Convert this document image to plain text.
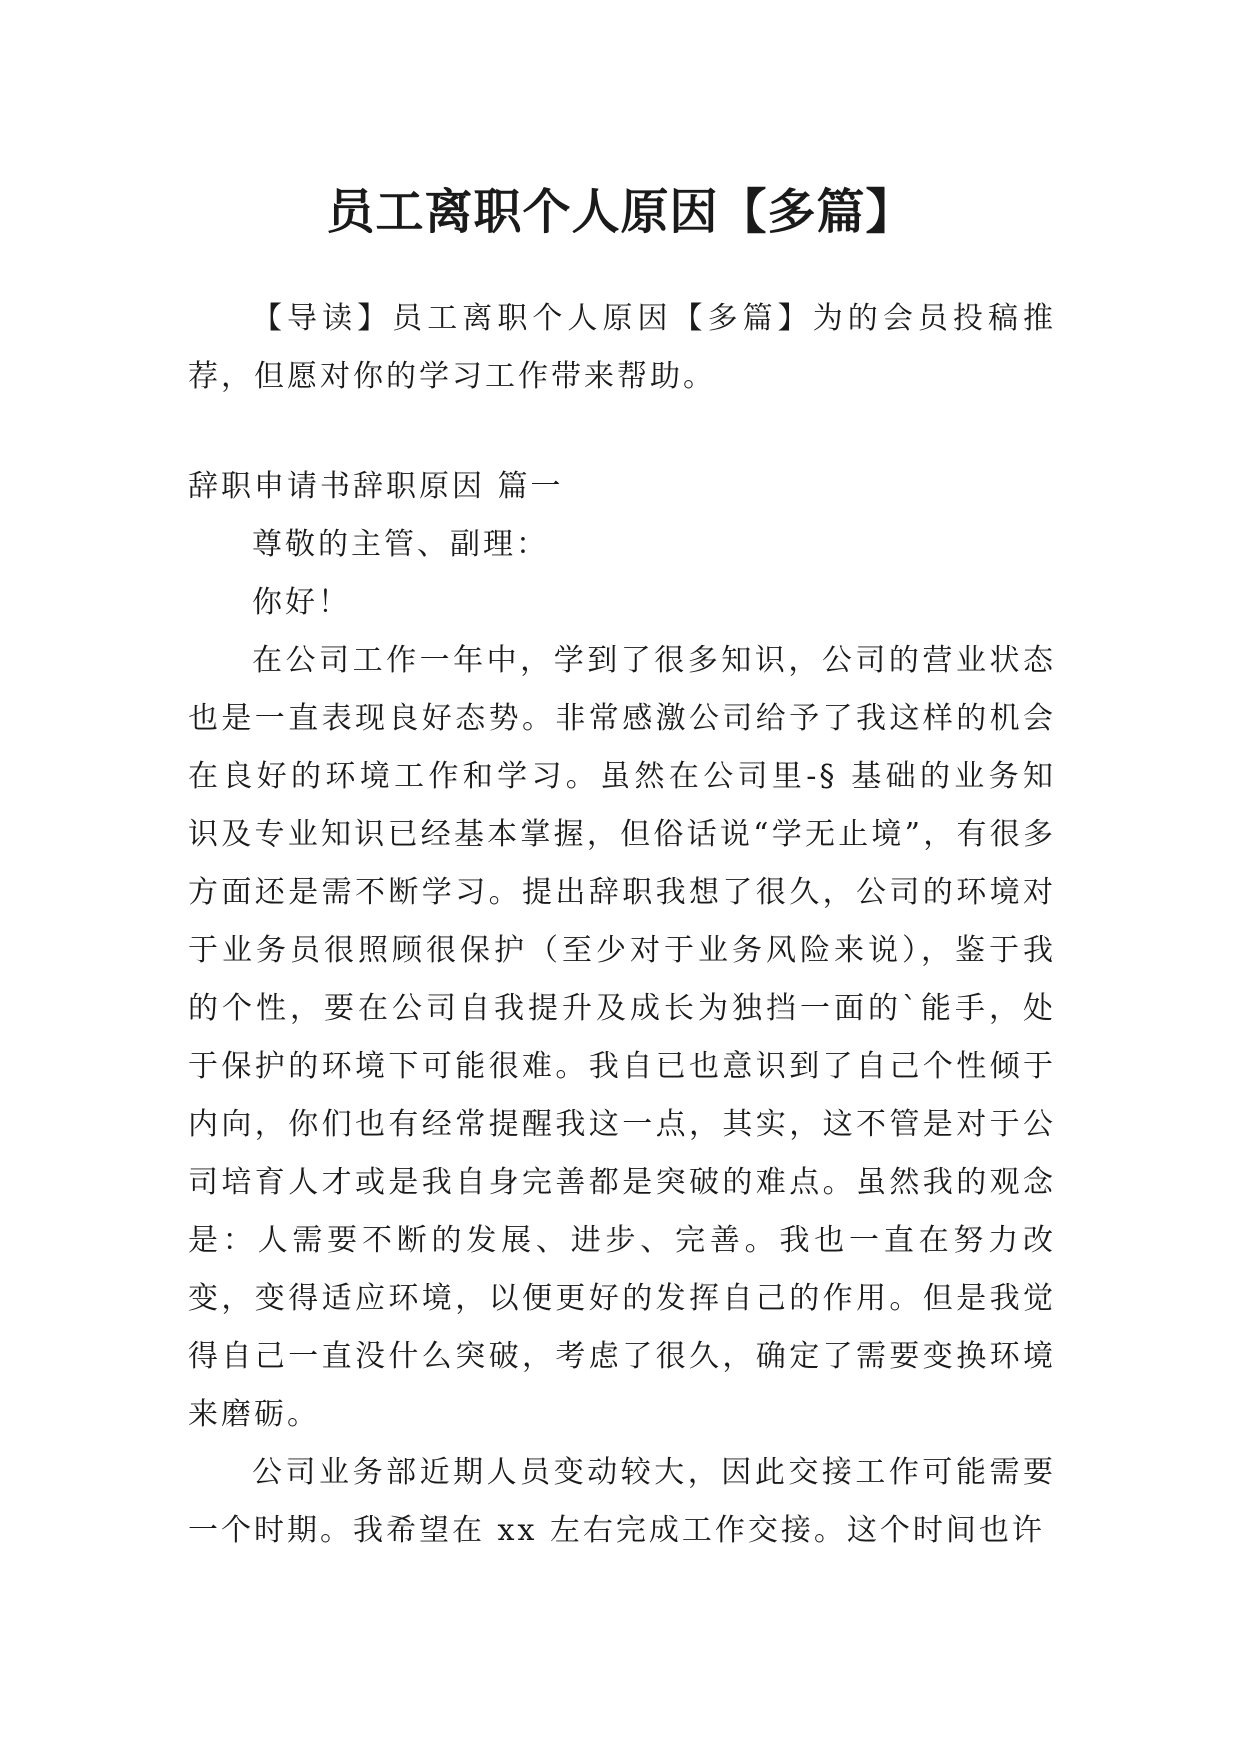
员工离职个人原因【多篇】

【导读】员工离职个人原因【多篇】为的会员投稿推荐，但愿对你的学习工作带来帮助。

辞职申请书辞职原因 篇一

尊敬的主管、副理：

你好！

在公司工作一年中，学到了很多知识，公司的营业状态也是一直表现良好态势。非常感激公司给予了我这样的机会在良好的环境工作和学习。虽然在公司里-§ 基础的业务知识及专业知识已经基本掌握，但俗话说“学无止境”，有很多方面还是需不断学习。提出辞职我想了很久，公司的环境对于业务员很照顾很保护（至少对于业务风险来说），鉴于我的个性，要在公司自我提升及成长为独挡一面的`能手，处于保护的环境下可能很难。我自已也意识到了自己个性倾于内向，你们也有经常提醒我这一点，其实，这不管是对于公司培育人才或是我自身完善都是突破的难点。虽然我的观念是：人需要不断的发展、进步、完善。我也一直在努力改变，变得适应环境，以便更好的发挥自己的作用。但是我觉得自己一直没什么突破，考虑了很久，确定了需要变换环境来磨砺。

公司业务部近期人员变动较大，因此交接工作可能需要一个时期。我希望在 xx 左右完成工作交接。这个时间也许
